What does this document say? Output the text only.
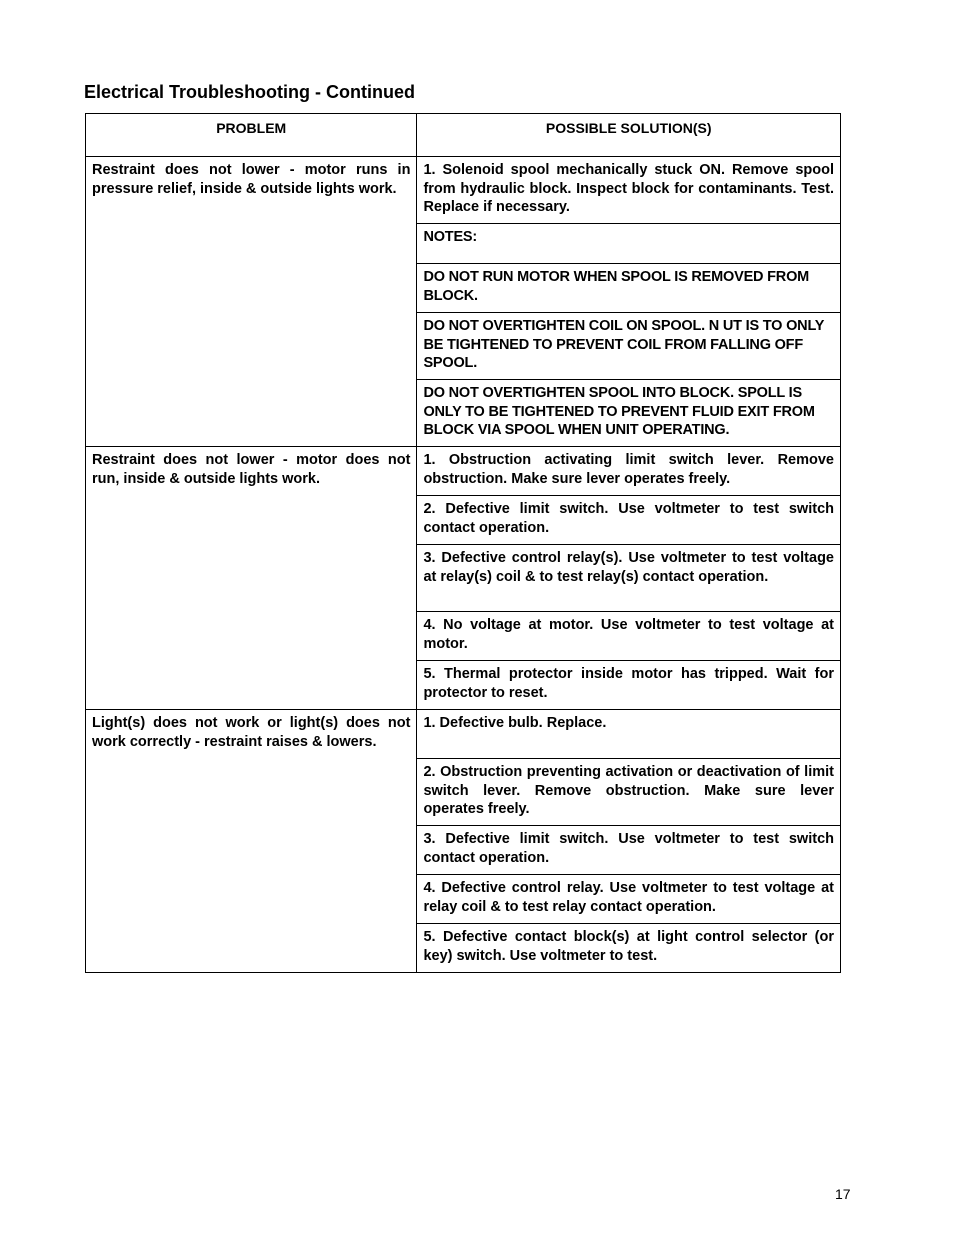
Electrical Troubleshooting - Continued
PROBLEM	POSSIBLE SOLUTION(S)
Restraint does not lower - motor runs in pressure relief, inside & outside lights work.	1. Solenoid spool mechanically stuck ON. Remove spool from hydraulic block. Inspect block for contaminants. Test. Replace if necessary.
	NOTES:
	DO NOT RUN MOTOR WHEN SPOOL IS REMOVED FROM BLOCK.
	DO NOT OVERTIGHTEN COIL ON SPOOL. N UT IS TO ONLY BE TIGHTENED TO PREVENT COIL FROM FALLING OFF SPOOL.
	DO NOT OVERTIGHTEN SPOOL INTO BLOCK. SPOLL IS ONLY TO BE TIGHTENED TO PREVENT FLUID EXIT FROM BLOCK VIA SPOOL WHEN UNIT OPERATING.
Restraint does not lower - motor does not run, inside & outside lights work.	1. Obstruction activating limit switch lever. Remove obstruction. Make sure lever operates freely.
	2. Defective limit switch. Use voltmeter to test switch contact operation.
	3. Defective control relay(s). Use voltmeter to test voltage at relay(s) coil & to test relay(s) contact operation.
	4. No voltage at motor. Use voltmeter to test voltage at motor.
	5. Thermal protector inside motor has tripped. Wait for protector to reset.
Light(s) does not work or light(s) does not work correctly - restraint raises & lowers.	1. Defective bulb. Replace.
	2. Obstruction preventing activation or deactivation of limit switch lever. Remove obstruction. Make sure lever operates freely.
	3. Defective limit switch. Use voltmeter to test switch contact operation.
	4. Defective control relay. Use voltmeter to test voltage at relay coil & to test relay contact operation.
	5. Defective contact block(s) at light control selector (or key) switch. Use voltmeter to test.
17
